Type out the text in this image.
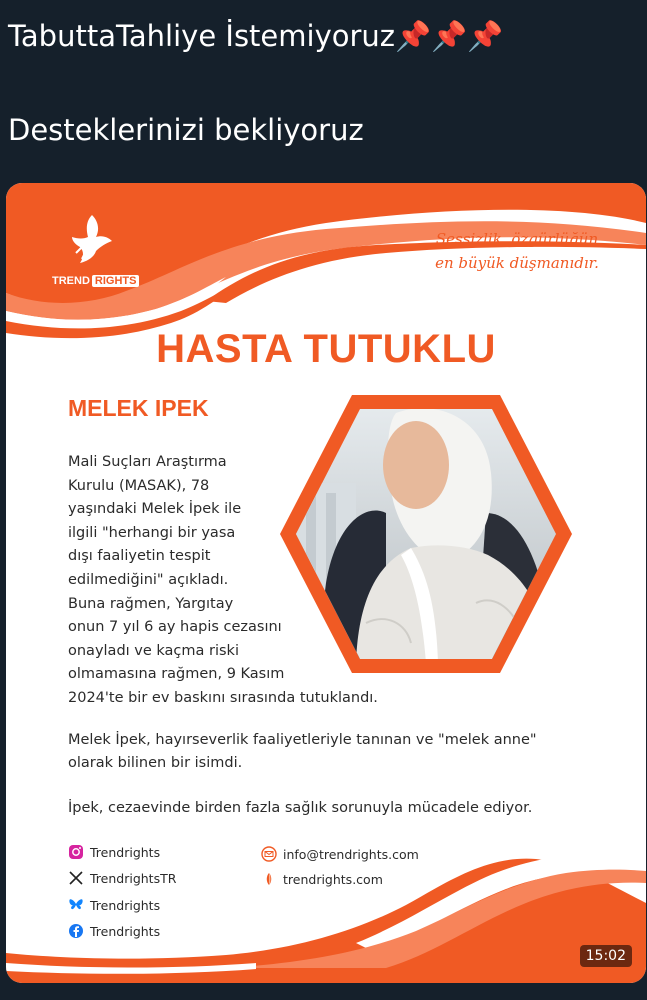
TabuttaTahliye İstemiyoruz📌📌📌
Desteklerinizi bekliyoruz
TREND RIGHTS
Sessizlik, özgürlüğün
en büyük düşmanıdır.
HASTA TUTUKLU
MELEK IPEK
Mali Suçları Araştırma
Kurulu (MASAK), 78
yaşındaki Melek İpek ile
ilgili "herhangi bir yasa
dışı faaliyetin tespit
edilmediğini" açıkladı.
Buna rağmen, Yargıtay
onun 7 yıl 6 ay hapis cezasını
onayladı ve kaçma riski
olmamasına rağmen, 9 Kasım
2024'te bir ev baskını sırasında tutuklandı.
Melek İpek, hayırseverlik faaliyetleriyle tanınan ve "melek anne"
olarak bilinen bir isimdi.
İpek, cezaevinde birden fazla sağlık sorunuyla mücadele ediyor.
Trendrights
TrendrightsTR
Trendrights
Trendrights
info@trendrights.com
trendrights.com
15:02
